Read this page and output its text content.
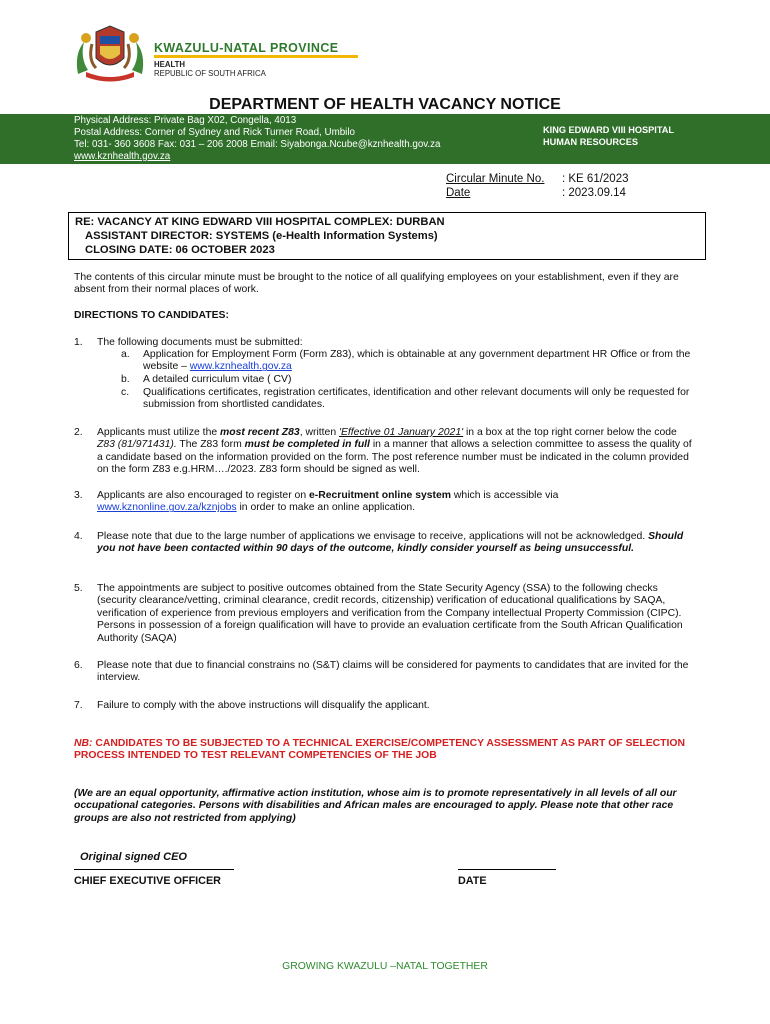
KWAZULU-NATAL PROVINCE
HEALTH
REPUBLIC OF SOUTH AFRICA
DEPARTMENT OF HEALTH VACANCY NOTICE
Physical Address: Private Bag X02, Congella, 4013
Postal Address: Corner of Sydney and Rick Turner Road, Umbilo
Tel: 031- 360 3608 Fax: 031 – 206 2008 Email: Siyabonga.Ncube@kznhealth.gov.za
www.kznhealth.gov.za
KING EDWARD VIII HOSPITAL
HUMAN RESOURCES
Circular Minute No.	: KE 61/2023
Date	: 2023.09.14
RE: VACANCY AT KING EDWARD VIII HOSPITAL COMPLEX: DURBAN
ASSISTANT DIRECTOR: SYSTEMS (e-Health Information Systems)
CLOSING DATE: 06 OCTOBER 2023
The contents of this circular minute must be brought to the notice of all qualifying employees on your establishment, even if they are absent from their normal places of work.
DIRECTIONS TO CANDIDATES:
1. The following documents must be submitted:
a. Application for Employment Form (Form Z83), which is obtainable at any government department HR Office or from the website – www.kznhealth.gov.za
b. A detailed curriculum vitae ( CV)
c. Qualifications certificates, registration certificates, identification and other relevant documents will only be requested for submission from shortlisted candidates.
2. Applicants must utilize the most recent Z83, written 'Effective 01 January 2021' in a box at the top right corner below the code Z83 (81/971431). The Z83 form must be completed in full in a manner that allows a selection committee to assess the quality of a candidate based on the information provided on the form. The post reference number must be indicated in the column provided on the form Z83 e.g.HRM…./2023. Z83 form should be signed as well.
3. Applicants are also encouraged to register on e-Recruitment online system which is accessible via www.kznonline.gov.za/kznjobs in order to make an online application.
4. Please note that due to the large number of applications we envisage to receive, applications will not be acknowledged. Should you not have been contacted within 90 days of the outcome, kindly consider yourself as being unsuccessful.
5. The appointments are subject to positive outcomes obtained from the State Security Agency (SSA) to the following checks (security clearance/vetting, criminal clearance, credit records, citizenship) verification of educational qualifications by SAQA, verification of experience from previous employers and verification from the Company intellectual Property Commission (CIPC). Persons in possession of a foreign qualification will have to provide an evaluation certificate from the South African Qualification Authority (SAQA)
6. Please note that due to financial constrains no (S&T) claims will be considered for payments to candidates that are invited for the interview.
7. Failure to comply with the above instructions will disqualify the applicant.
NB: CANDIDATES TO BE SUBJECTED TO A TECHNICAL EXERCISE/COMPETENCY ASSESSMENT AS PART OF SELECTION PROCESS INTENDED TO TEST RELEVANT COMPETENCIES OF THE JOB
(We are an equal opportunity, affirmative action institution, whose aim is to promote representatively in all levels of all our occupational categories. Persons with disabilities and African males are encouraged to apply. Please note that other race groups are also not restricted from applying)
Original signed CEO
CHIEF EXECUTIVE OFFICER	DATE
GROWING KWAZULU –NATAL TOGETHER
